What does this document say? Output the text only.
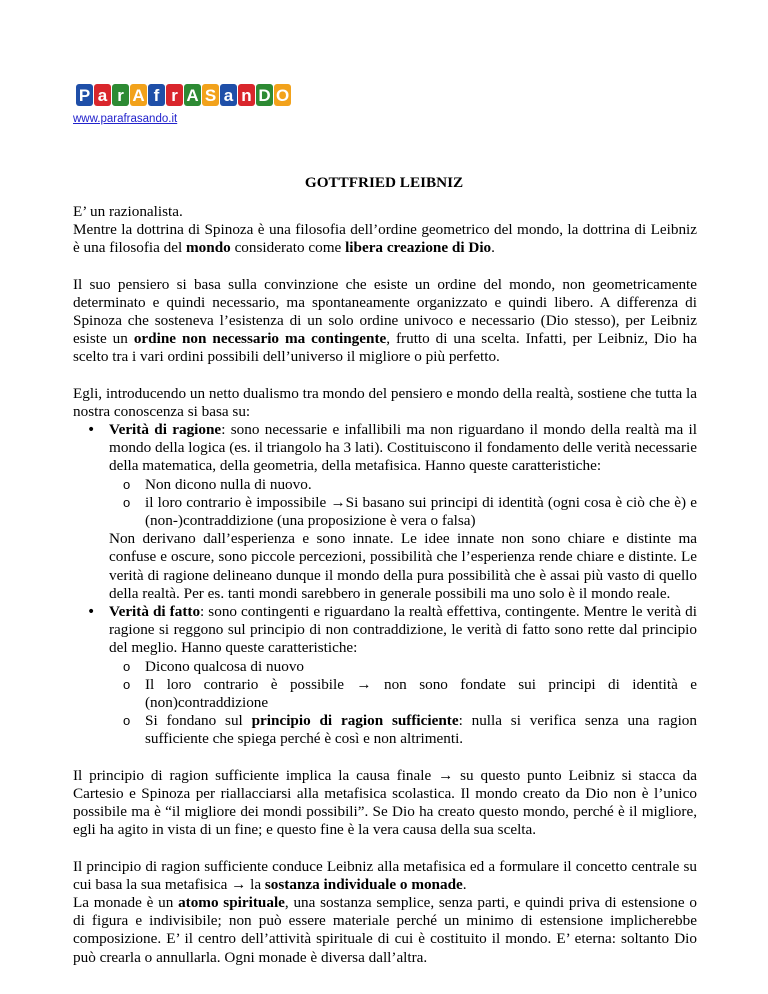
P a r A f r A S a n D O
www.parafrasando.it
GOTTFRIED LEIBNIZ

E’ un razionalista.

Mentre la dottrina di Spinoza è una filosofia dell’ordine geometrico del mondo, la dottrina di Leibniz è una filosofia del mondo considerato come libera creazione di Dio.

Il suo pensiero si basa sulla convinzione che esiste un ordine del mondo, non geometricamente determinato e quindi necessario, ma spontaneamente organizzato e quindi libero. A differenza di Spinoza che sosteneva l’esistenza di un solo ordine univoco e necessario (Dio stesso), per Leibniz esiste un ordine non necessario ma contingente, frutto di una scelta. Infatti, per Leibniz, Dio ha scelto tra i vari ordini possibili dell’universo il migliore o più perfetto.

Egli, introducendo un netto dualismo tra mondo del pensiero e mondo della realtà, sostiene che tutta la nostra conoscenza si basa su:

• Verità di ragione: sono necessarie e infallibili ma non riguardano il mondo della realtà ma il mondo della logica (es. il triangolo ha 3 lati). Costituiscono il fondamento delle verità necessarie della matematica, della geometria, della metafisica. Hanno queste caratteristiche:
o Non dicono nulla di nuovo.
o il loro contrario è impossibile →Si basano sui principi di identità (ogni cosa è ciò che è) e (non-)contraddizione (una proposizione è vera o falsa)
Non derivano dall’esperienza e sono innate. Le idee innate non sono chiare e distinte ma confuse e oscure, sono piccole percezioni, possibilità che l’esperienza rende chiare e distinte. Le verità di ragione delineano dunque il mondo della pura possibilità che è assai più vasto di quello della realtà. Per es. tanti mondi sarebbero in generale possibili ma uno solo è il mondo reale.
• Verità di fatto: sono contingenti e riguardano la realtà effettiva, contingente. Mentre le verità di ragione si reggono sul principio di non contraddizione, le verità di fatto sono rette dal principio del meglio. Hanno queste caratteristiche:
o Dicono qualcosa di nuovo
o Il loro contrario è possibile → non sono fondate sui principi di identità e (non)contraddizione
o Si fondano sul principio di ragion sufficiente: nulla si verifica senza una ragion sufficiente che spiega perché è così e non altrimenti.

Il principio di ragion sufficiente implica la causa finale → su questo punto Leibniz si stacca da Cartesio e Spinoza per riallacciarsi alla metafisica scolastica. Il mondo creato da Dio non è l’unico possibile ma è “il migliore dei mondi possibili”. Se Dio ha creato questo mondo, perché è il migliore, egli ha agito in vista di un fine; e questo fine è la vera causa della sua scelta.

Il principio di ragion sufficiente conduce Leibniz alla metafisica ed a formulare il concetto centrale su cui basa la sua metafisica → la sostanza individuale o monade.

La monade è un atomo spirituale, una sostanza semplice, senza parti, e quindi priva di estensione o di figura e indivisibile; non può essere materiale perché un minimo di estensione implicherebbe composizione. E’ il centro dell’attività spirituale di cui è costituito il mondo. E’ eterna: soltanto Dio può crearla o annullarla. Ogni monade è diversa dall’altra.
